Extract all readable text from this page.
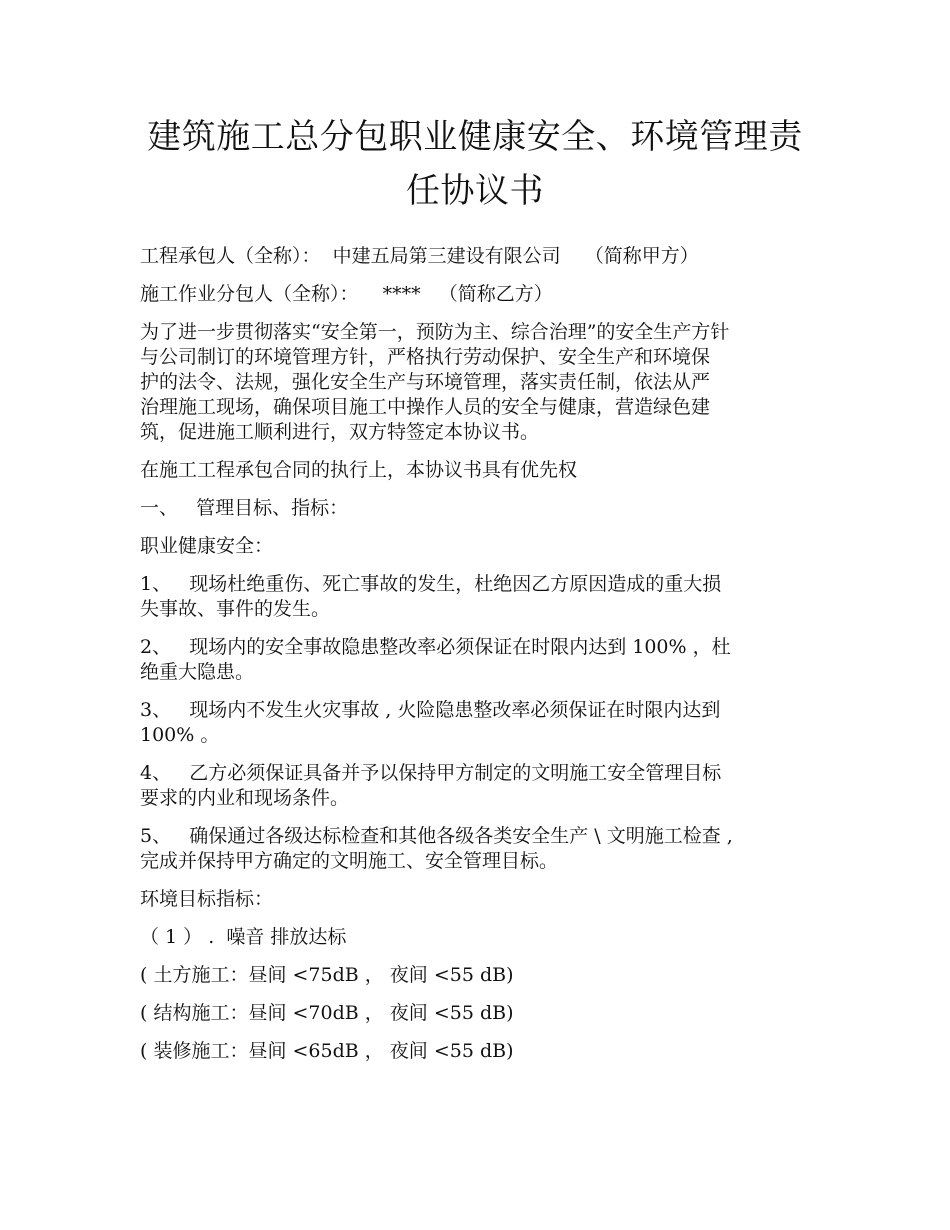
建筑施工总分包职业健康安全、环境管理责
任协议书

工程承包人（全称）：  中建五局第三建设有限公司    （简称甲方）

施工作业分包人（全称）：    ****   （简称乙方）

为了进一步贯彻落实“安全第一，预防为主、综合治理”的安全生产方针
与公司制订的环境管理方针，严格执行劳动保护、安全生产和环境保
护的法令、法规，强化安全生产与环境管理，落实责任制，依法从严
治理施工现场，确保项目施工中操作人员的安全与健康，营造绿色建
筑，促进施工顺利进行，双方特签定本协议书。

在施工工程承包合同的执行上，本协议书具有优先权

一、   管理目标、指标：

职业健康安全：

1、   现场杜绝重伤、死亡事故的发生，杜绝因乙方原因造成的重大损
失事故、事件的发生。

2、   现场内的安全事故隐患整改率必须保证在时限内达到 100% ，杜
绝重大隐患。

3、   现场内不发生火灾事故 , 火险隐患整改率必须保证在时限内达到
100% 。

4、   乙方必须保证具备并予以保持甲方制定的文明施工安全管理目标
要求的内业和现场条件。

5、   确保通过各级达标检查和其他各级各类安全生产 \ 文明施工检查 ,
完成并保持甲方确定的文明施工、安全管理目标。

环境目标指标：

（ 1 ） .  噪音 排放达标

( 土方施工：昼间 <75dB ， 夜间 <55 dB)

( 结构施工：昼间 <70dB ， 夜间 <55 dB)

( 装修施工：昼间 <65dB ， 夜间 <55 dB)
